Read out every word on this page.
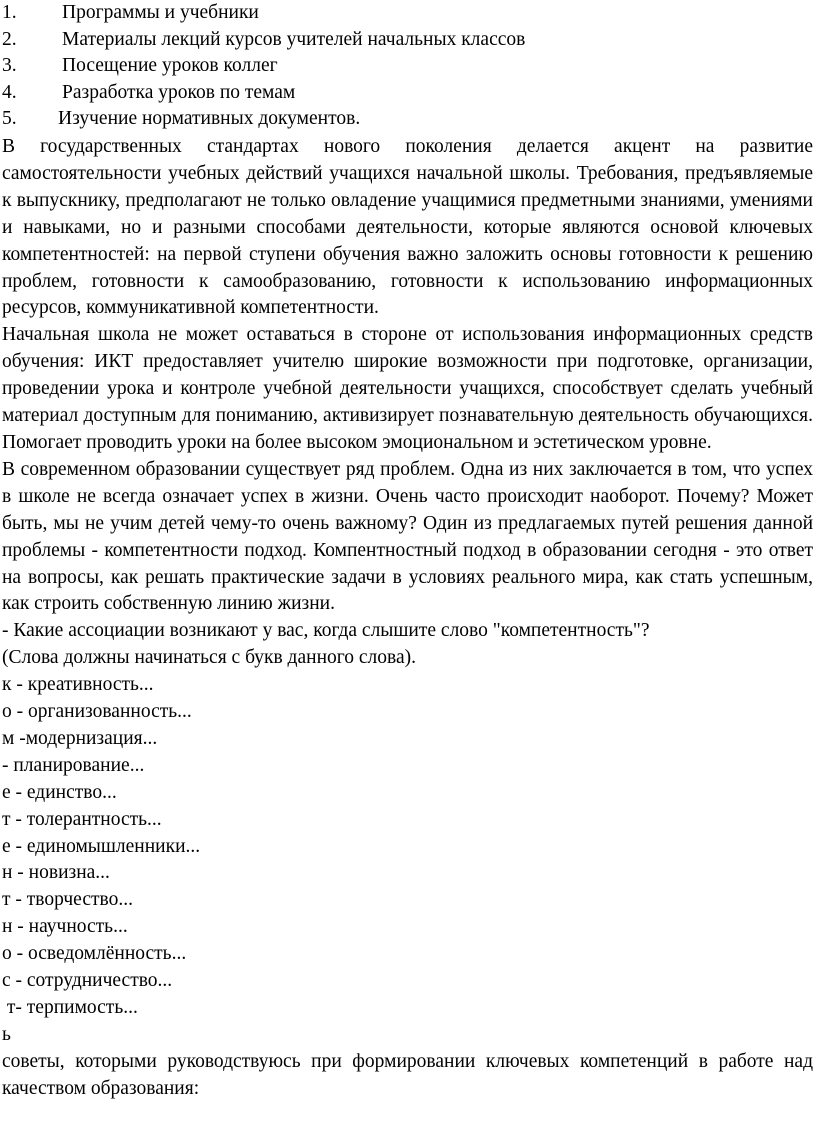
1. Программы и учебники
2. Материалы лекций курсов учителей начальных классов
3. Посещение уроков коллег
4. Разработка уроков по темам
5. Изучение нормативных документов.

В государственных стандартах нового поколения делается акцент на развитие самостоятельности учебных действий учащихся начальной школы. Требования, предъявляемые к выпускнику, предполагают не только овладение учащимися предметными знаниями, умениями и навыками, но и разными способами деятельности, которые являются основой ключевых компетентностей: на первой ступени обучения важно заложить основы готовности к решению проблем, готовности к самообразованию, готовности к использованию информационных ресурсов, коммуникативной компетентности.

Начальная школа не может оставаться в стороне от использования информационных средств обучения: ИКТ предоставляет учителю широкие возможности при подготовке, организации, проведении урока и контроле учебной деятельности учащихся, способствует сделать учебный материал доступным для пониманию, активизирует познавательную деятельность обучающихся. Помогает проводить уроки на более высоком эмоциональном и эстетическом уровне.

В современном образовании существует ряд проблем. Одна из них заключается в том, что успех в школе не всегда означает успех в жизни. Очень часто происходит наоборот. Почему? Может быть, мы не учим детей чему-то очень важному? Один из предлагаемых путей решения данной проблемы - компетентности подход. Компентностный подход в образовании сегодня - это ответ на вопросы, как решать практические задачи в условиях реального мира, как стать успешным, как строить собственную линию жизни.

- Какие ассоциации возникают у вас, когда слышите слово "компетентность"?

(Слова должны начинаться с букв данного слова).

к - креативность...

о - организованность...

м -модернизация...

- планирование...

е - единство...

т - толерантность...

е - единомышленники...

н - новизна...

т - творчество...

н - научность...

о - осведомлённость...

с - сотрудничество...

т- терпимость...

ь

советы, которыми руководствуюсь при формировании ключевых компетенций в работе над качеством образования:
